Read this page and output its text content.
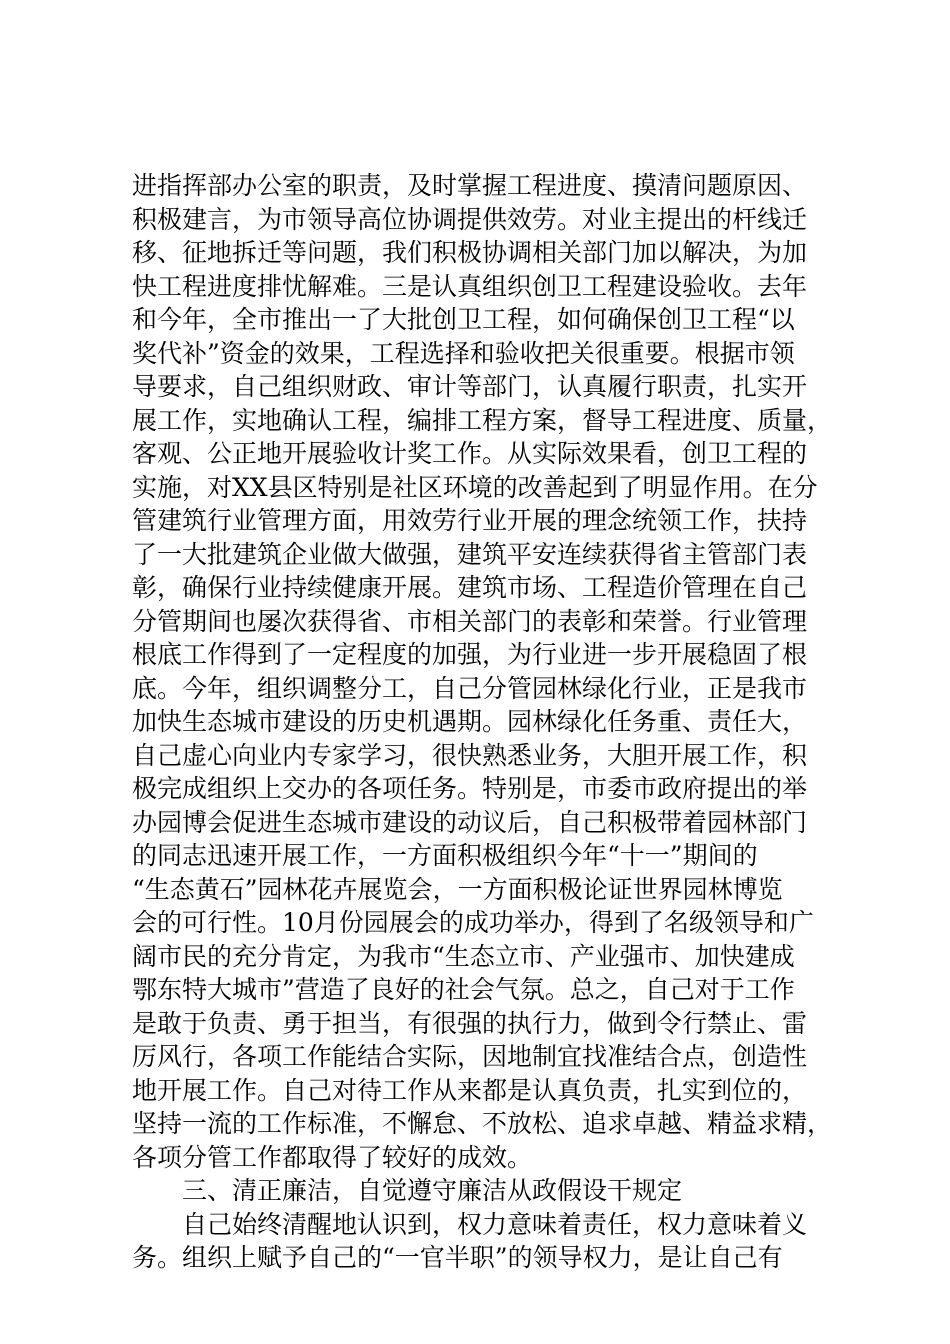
进指挥部办公室的职责，及时掌握工程进度、摸清问题原因、
积极建言，为市领导高位协调提供效劳。对业主提出的杆线迁
移、征地拆迁等问题，我们积极协调相关部门加以解决，为加
快工程进度排忧解难。三是认真组织创卫工程建设验收。去年
和今年，全市推出一了大批创卫工程，如何确保创卫工程“以
奖代补”资金的效果，工程选择和验收把关很重要。根据市领
导要求，自己组织财政、审计等部门，认真履行职责，扎实开
展工作，实地确认工程，编排工程方案，督导工程进度、质量，
客观、公正地开展验收计奖工作。从实际效果看，创卫工程的
实施，对XX县区特别是社区环境的改善起到了明显作用。在分
管建筑行业管理方面，用效劳行业开展的理念统领工作，扶持
了一大批建筑企业做大做强，建筑平安连续获得省主管部门表
彰，确保行业持续健康开展。建筑市场、工程造价管理在自己
分管期间也屡次获得省、市相关部门的表彰和荣誉。行业管理
根底工作得到了一定程度的加强，为行业进一步开展稳固了根
底。今年，组织调整分工，自己分管园林绿化行业，正是我市
加快生态城市建设的历史机遇期。园林绿化任务重、责任大，
自己虚心向业内专家学习，很快熟悉业务，大胆开展工作，积
极完成组织上交办的各项任务。特别是，市委市政府提出的举
办园博会促进生态城市建设的动议后，自己积极带着园林部门
的同志迅速开展工作，一方面积极组织今年“十一”期间的
“生态黄石”园林花卉展览会，一方面积极论证世界园林博览
会的可行性。10月份园展会的成功举办，得到了名级领导和广
阔市民的充分肯定，为我市“生态立市、产业强市、加快建成
鄂东特大城市”营造了良好的社会气氛。总之，自己对于工作
是敢于负责、勇于担当，有很强的执行力，做到令行禁止、雷
厉风行，各项工作能结合实际，因地制宜找准结合点，创造性
地开展工作。自己对待工作从来都是认真负责，扎实到位的，
坚持一流的工作标准，不懈怠、不放松、追求卓越、精益求精，
各项分管工作都取得了较好的成效。
三、清正廉洁，自觉遵守廉洁从政假设干规定
自己始终清醒地认识到，权力意味着责任，权力意味着义
务。组织上赋予自己的“一官半职”的领导权力，是让自己有
